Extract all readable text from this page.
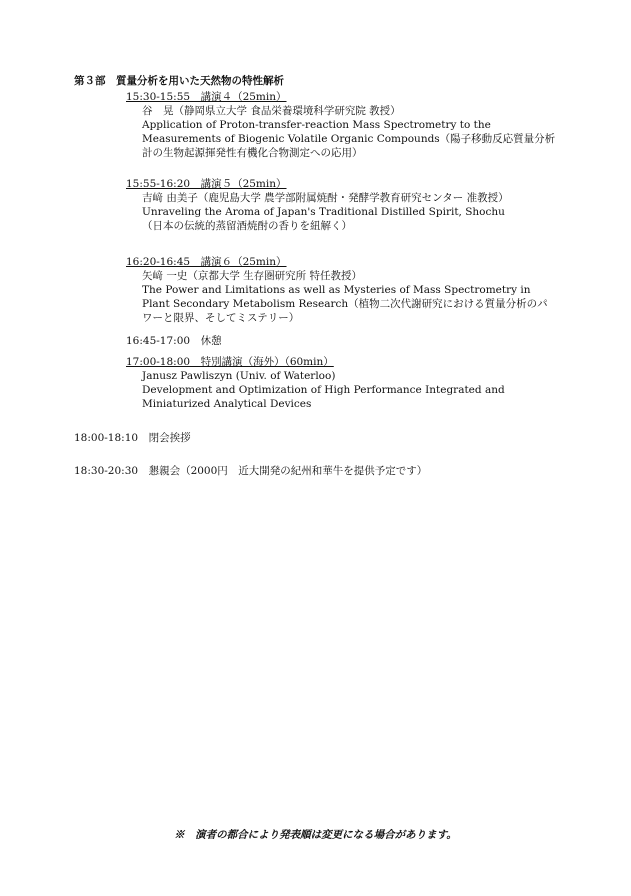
第３部　 質量分析を用いた天然物の特性解析
15:30-15:55　講演４（25min）
谷　晃（静岡県立大学 食品栄養環境科学研究院 教授）
Application of Proton-transfer-reaction Mass Spectrometry to the
Measurements of Biogenic Volatile Organic Compounds（陽子移動反応質量分析
計の生物起源揮発性有機化合物測定への応用）
15:55-16:20　講演５（25min）
吉﨑 由美子（鹿児島大学 農学部附属焼酎・発酵学教育研究センター 准教授）
Unraveling the Aroma of Japan's Traditional Distilled Spirit, Shochu
（日本の伝統的蒸留酒焼酎の香りを紐解く）
16:20-16:45　講演６（25min）
矢﨑 一史（京都大学 生存圏研究所 特任教授）
The Power and Limitations as well as Mysteries of Mass Spectrometry in
Plant Secondary Metabolism Research（植物二次代謝研究における質量分析のパ
ワーと限界、そしてミステリー）
16:45-17:00　休憩
17:00-18:00　特別講演（海外）（60min）
Janusz Pawliszyn (Univ. of Waterloo)
Development and Optimization of High Performance Integrated and
Miniaturized Analytical Devices
18:00-18:10　閉会挨拶
18:30-20:30　懇親会（2000円　近大開発の紀州和華牛を提供予定です）
※　演者の都合により発表順は変更になる場合があります。
